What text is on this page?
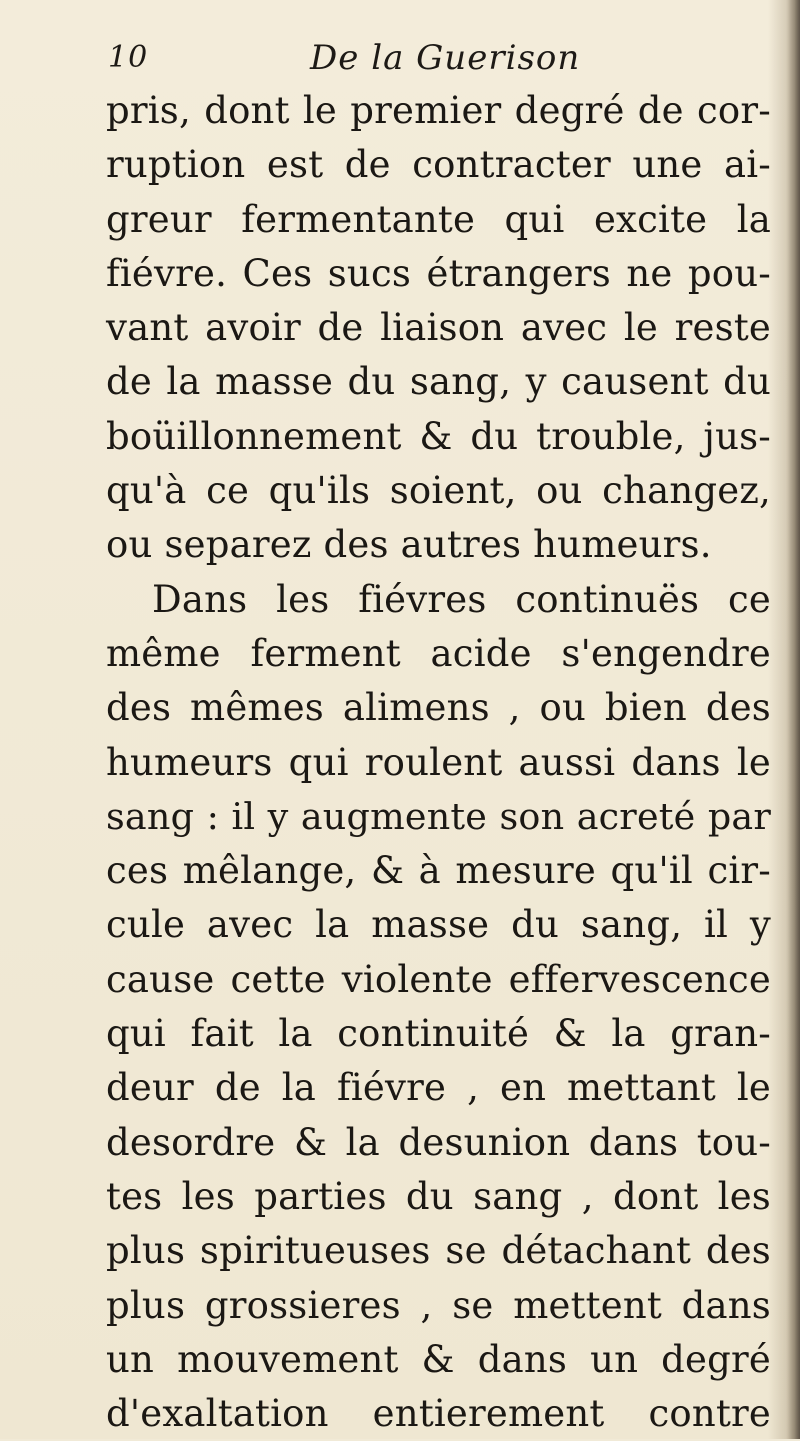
10	De la Guerison
pris, dont le premier degré de cor-
ruption est de contracter une ai-
greur fermentante qui excite la
fiévre. Ces sucs étrangers ne pou-
vant avoir de liaison avec le reste
de la masse du sang, y causent du
boüillonnement & du trouble, jus-
qu'à ce qu'ils soient, ou changez,
ou separez des autres humeurs.
Dans les fiévres continuës ce
même ferment acide s'engendre
des mêmes alimens , ou bien des
humeurs qui roulent aussi dans le
sang : il y augmente son acreté par
ces mêlange, & à mesure qu'il cir-
cule avec la masse du sang, il y
cause cette violente effervescence
qui fait la continuité & la gran-
deur de la fiévre , en mettant le
desordre & la desunion dans tou-
tes les parties du sang , dont les
plus spiritueuses se détachant des
plus grossieres , se mettent dans
un mouvement & dans un degré
d'exaltation entierement contre
